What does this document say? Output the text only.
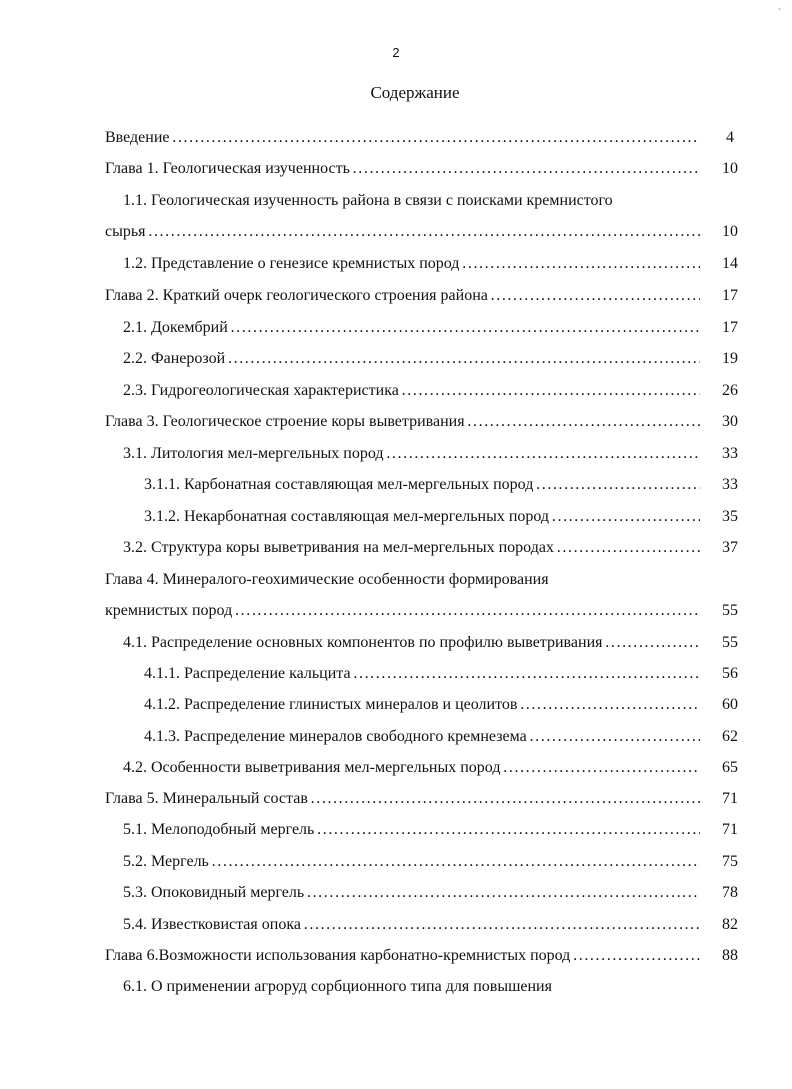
2
Содержание
Введение . . .	4
Глава 1. Геологическая изученность . . .	10
1.1. Геологическая изученность района в связи с поисками кремнистого
сырья . . .	10
1.2. Представление о генезисе кремнистых пород . . .	14
Глава 2. Краткий очерк геологического строения района . . .	17
2.1. Докембрий . . .	17
2.2. Фанерозой . . .	19
2.3. Гидрогеологическая характеристика . . .	26
Глава 3. Геологическое строение коры выветривания . . .	30
3.1. Литология мел-мергельных пород . . .	33
3.1.1. Карбонатная составляющая мел-мергельных пород . . .	33
3.1.2. Некарбонатная составляющая мел-мергельных пород . . .	35
3.2. Структура коры выветривания на мел-мергельных породах . . .	37
Глава 4. Минералого-геохимические особенности формирования
кремнистых пород . . .	55
4.1. Распределение основных компонентов по профилю выветривания . . .	55
4.1.1. Распределение кальцита . . .	56
4.1.2. Распределение глинистых минералов и цеолитов . . .	60
4.1.3. Распределение минералов свободного кремнезема . . .	62
4.2. Особенности выветривания мел-мергельных пород . . .	65
Глава 5. Минеральный состав . . .	71
5.1. Мелоподобный мергель . . .	71
5.2. Мергель . . .	75
5.3. Опоковидный мергель . . .	78
5.4. Известковистая опока . . .	82
Глава 6.Возможности использования карбонатно-кремнистых пород . . .	88
6.1. О применении агроруд сорбционного типа для повышения
`
